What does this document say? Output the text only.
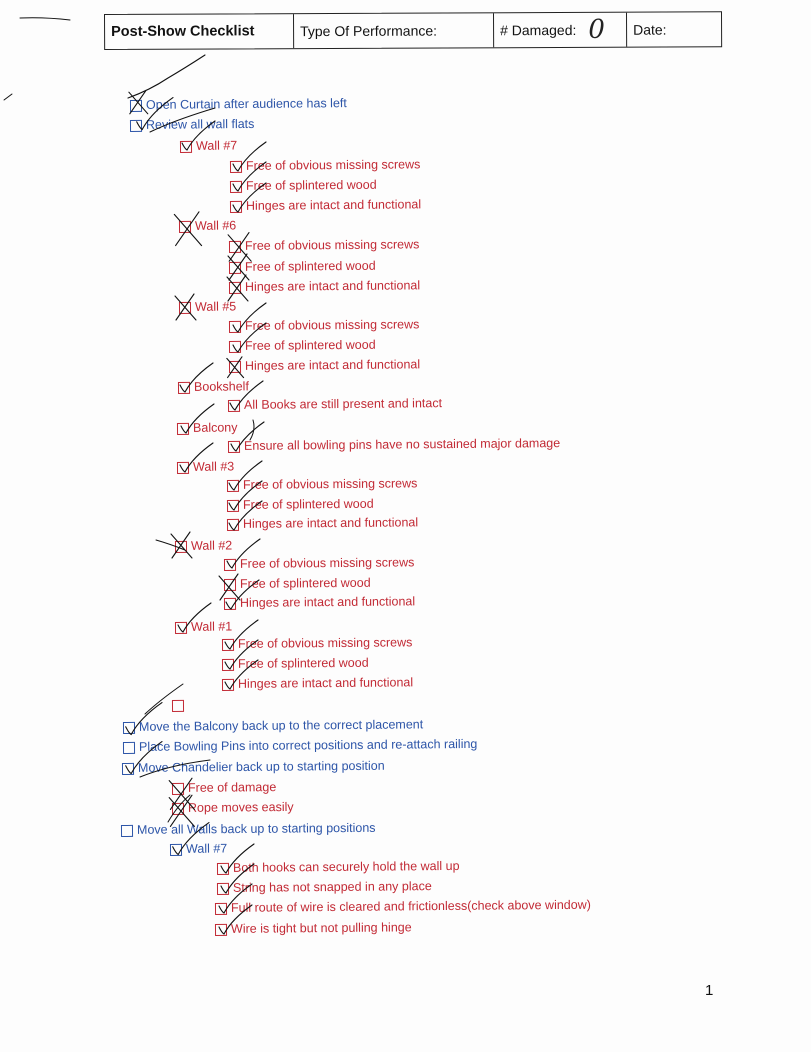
Post-Show Checklist	Type Of Performance:	# Damaged: 0	Date:
Open Curtain after audience has left
Review all wall flats
Wall #7
Free of obvious missing screws
Free of splintered wood
Hinges are intact and functional
Wall #6
Free of obvious missing screws
Free of splintered wood
Hinges are intact and functional
Wall #5
Free of obvious missing screws
Free of splintered wood
Hinges are intact and functional
Bookshelf
All Books are still present and intact
Balcony
Ensure all bowling pins have no sustained major damage
Wall #3
Free of obvious missing screws
Free of splintered wood
Hinges are intact and functional
Wall #2
Free of obvious missing screws
Free of splintered wood
Hinges are intact and functional
Wall #1
Free of obvious missing screws
Free of splintered wood
Hinges are intact and functional
Move the Balcony back up to the correct placement
Place Bowling Pins into correct positions and re-attach railing
Move Chandelier back up to starting position
Free of damage
Rope moves easily
Move all Walls back up to starting positions
Wall #7
Both hooks can securely hold the wall up
String has not snapped in any place
Full route of wire is cleared and frictionless(check above window)
Wire is tight but not pulling hinge
1
